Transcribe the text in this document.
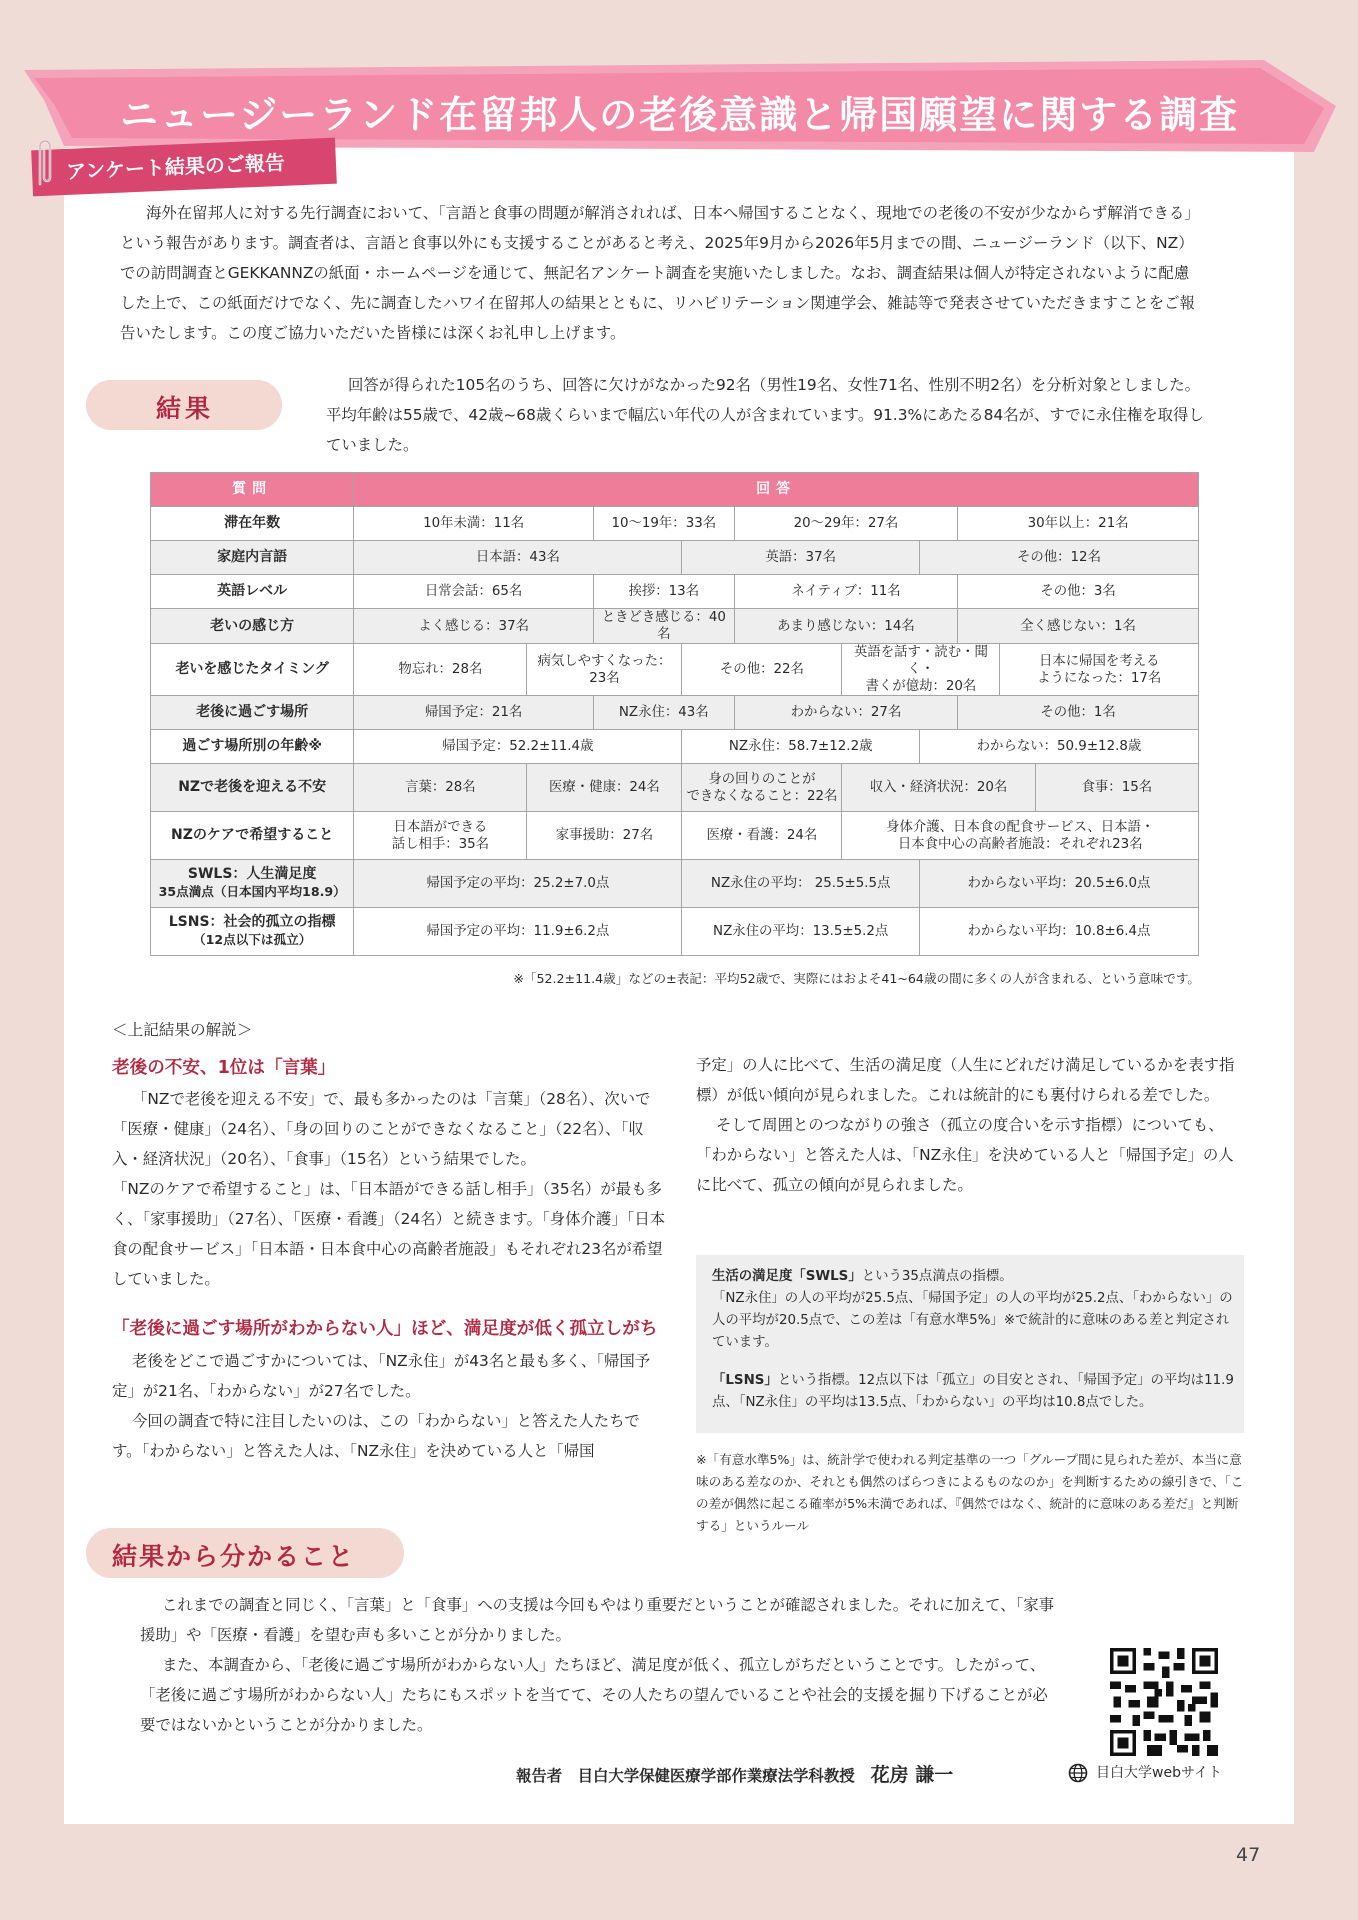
ニュージーランド在留邦人の老後意識と帰国願望に関する調査
アンケート結果のご報告
海外在留邦人に対する先行調査において、「言語と食事の問題が解消されれば、日本へ帰国することなく、現地での老後の不安が少なからず解消できる」という報告があります。調査者は、言語と食事以外にも支援することがあると考え、2025年9月から2026年5月までの間、ニュージーランド（以下、NZ）での訪問調査とGEKKANNZの紙面・ホームページを通じて、無記名アンケート調査を実施いたしました。なお、調査結果は個人が特定されないように配慮した上で、この紙面だけでなく、先に調査したハワイ在留邦人の結果とともに、リハビリテーション関連学会、雑誌等で発表させていただきますことをご報告いたします。この度ご協力いただいた皆様には深くお礼申し上げます。
結果
回答が得られた105名のうち、回答に欠けがなかった92名（男性19名、女性71名、性別不明2名）を分析対象としました。平均年齢は55歳で、42歳~68歳くらいまで幅広い年代の人が含まれています。91.3%にあたる84名が、すでに永住権を取得していました。
質問	回答									
滞在年数	10年未満：11名		10～19年：33名		20～29年：27名			30年以上：21名		
家庭内言語	日本語：43名			英語：37名			その他：12名			
英語レベル	日常会話：65名		挨拶：13名		ネイティブ：11名			その他：3名		
老いの感じ方	よく感じる：37名		ときどき感じる：40名		あまり感じない：14名			全く感じない：1名		
老いを感じたタイミング	物忘れ：28名	病気しやすくなった：23名		その他：22名		英語を話す・読む・聞く・
書くが億劫：20名			日本に帰国を考える
ようになった：17名	
老後に過ごす場所	帰国予定：21名		NZ永住：43名		わからない：27名			その他：1名		
過ごす場所別の年齢※	帰国予定：52.2±11.4歳			NZ永住：58.7±12.2歳			わからない：50.9±12.8歳			
NZで老後を迎える不安	言葉：28名	医療・健康：24名		身の回りのことが
できなくなること：22名		収入・経済状況：20名				食事：15名
NZのケアで希望すること	日本語ができる
話し相手：35名	家事援助：27名		医療・看護：24名		身体介護、日本食の配食サービス、日本語・
日本食中心の高齢者施設：それぞれ23名				
SWLS：人生満足度
35点満点（日本国内平均18.9）	帰国予定の平均：25.2±7.0点			NZ永住の平均： 25.5±5.5点			わからない平均：20.5±6.0点			
LSNS：社会的孤立の指標
（12点以下は孤立）	帰国予定の平均：11.9±6.2点			NZ永住の平均：13.5±5.2点			わからない平均：10.8±6.4点			
※「52.2±11.4歳」などの±表記：平均52歳で、実際にはおよそ41~64歳の間に多くの人が含まれる、という意味です。
＜上記結果の解説＞
老後の不安、1位は「言葉」

「NZで老後を迎える不安」で、最も多かったのは「言葉」（28名）、次いで「医療・健康」（24名）、「身の回りのことができなくなること」（22名）、「収入・経済状況」（20名）、「食事」（15名）という結果でした。

「NZのケアで希望すること」は、「日本語ができる話し相手」（35名）が最も多く、「家事援助」（27名）、「医療・看護」（24名）と続きます。「身体介護」「日本食の配食サービス」「日本語・日本食中心の高齢者施設」もそれぞれ23名が希望していました。

「老後に過ごす場所がわからない人」ほど、満足度が低く孤立しがち

老後をどこで過ごすかについては、「NZ永住」が43名と最も多く、「帰国予定」が21名、「わからない」が27名でした。

今回の調査で特に注目したいのは、この「わからない」と答えた人たちです。「わからない」と答えた人は、「NZ永住」を決めている人と「帰国

予定」の人に比べて、生活の満足度（人生にどれだけ満足しているかを表す指標）が低い傾向が見られました。これは統計的にも裏付けられる差でした。

そして周囲とのつながりの強さ（孤立の度合いを示す指標）についても、「わからない」と答えた人は、「NZ永住」を決めている人と「帰国予定」の人に比べて、孤立の傾向が見られました。

生活の満足度「SWLS」という35点満点の指標。
「NZ永住」の人の平均が25.5点、「帰国予定」の人の平均が25.2点、「わからない」の人の平均が20.5点で、この差は「有意水準5%」※で統計的に意味のある差と判定されています。
「LSNS」という指標。12点以下は「孤立」の目安とされ、「帰国予定」の平均は11.9点、「NZ永住」の平均は13.5点、「わからない」の平均は10.8点でした。
※「有意水準5%」は、統計学で使われる判定基準の一つ「グループ間に見られた差が、本当に意味のある差なのか、それとも偶然のばらつきによるものなのか」を判断するための線引きで、「この差が偶然に起こる確率が5%未満であれば、『偶然ではなく、統計的に意味のある差だ』と判断する」というルール
結果から分かること

これまでの調査と同じく、「言葉」と「食事」への支援は今回もやはり重要だということが確認されました。それに加えて、「家事援助」や「医療・看護」を望む声も多いことが分かりました。

また、本調査から、「老後に過ごす場所がわからない人」たちほど、満足度が低く、孤立しがちだということです。したがって、「老後に過ごす場所がわからない人」たちにもスポットを当てて、その人たちの望んでいることや社会的支援を掘り下げることが必要ではないかということが分かりました。

報告者　目白大学保健医療学部作業療法学科教授 花房 謙一	目白大学webサイト
47
